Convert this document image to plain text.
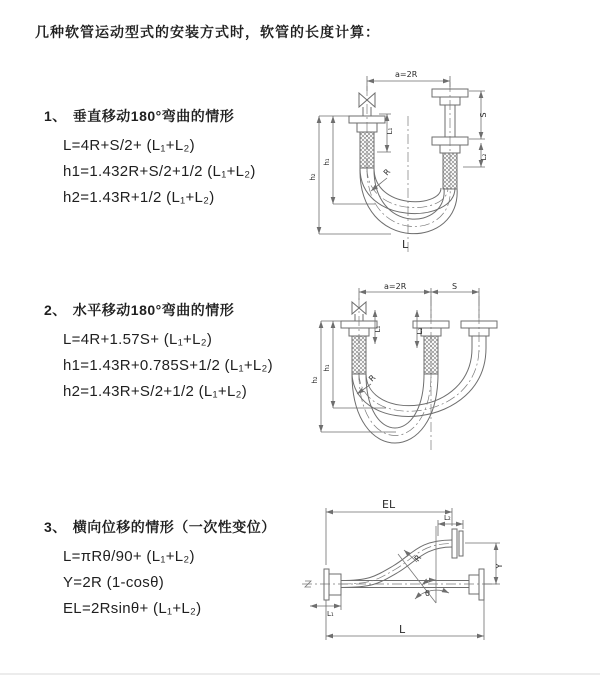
几种软管运动型式的安装方式时，软管的长度计算：
1、 垂直移动180°弯曲的情形
L=4R+S/2+ (L₁+L₂)
h1=1.432R+S/2+1/2 (L₁+L₂)
h2=1.43R+1/2 (L₁+L₂)
2、 水平移动180°弯曲的情形
L=4R+1.57S+ (L₁+L₂)
h1=1.43R+0.785S+1/2 (L₁+L₂)
h2=1.43R+S/2+1/2 (L₁+L₂)
3、 横向位移的情形（一次性变位）
L=πRθ/90+ (L₁+L₂)
Y=2R (1-cosθ)
EL=2Rsinθ+ (L₁+L₂)
a=2R
S
L₂
L₁
h₂
h₁
R
L
a=2R	S
L₁	L₂
h₂
h₁
R
EL
L₂
Y
L
L₁
θ
R
